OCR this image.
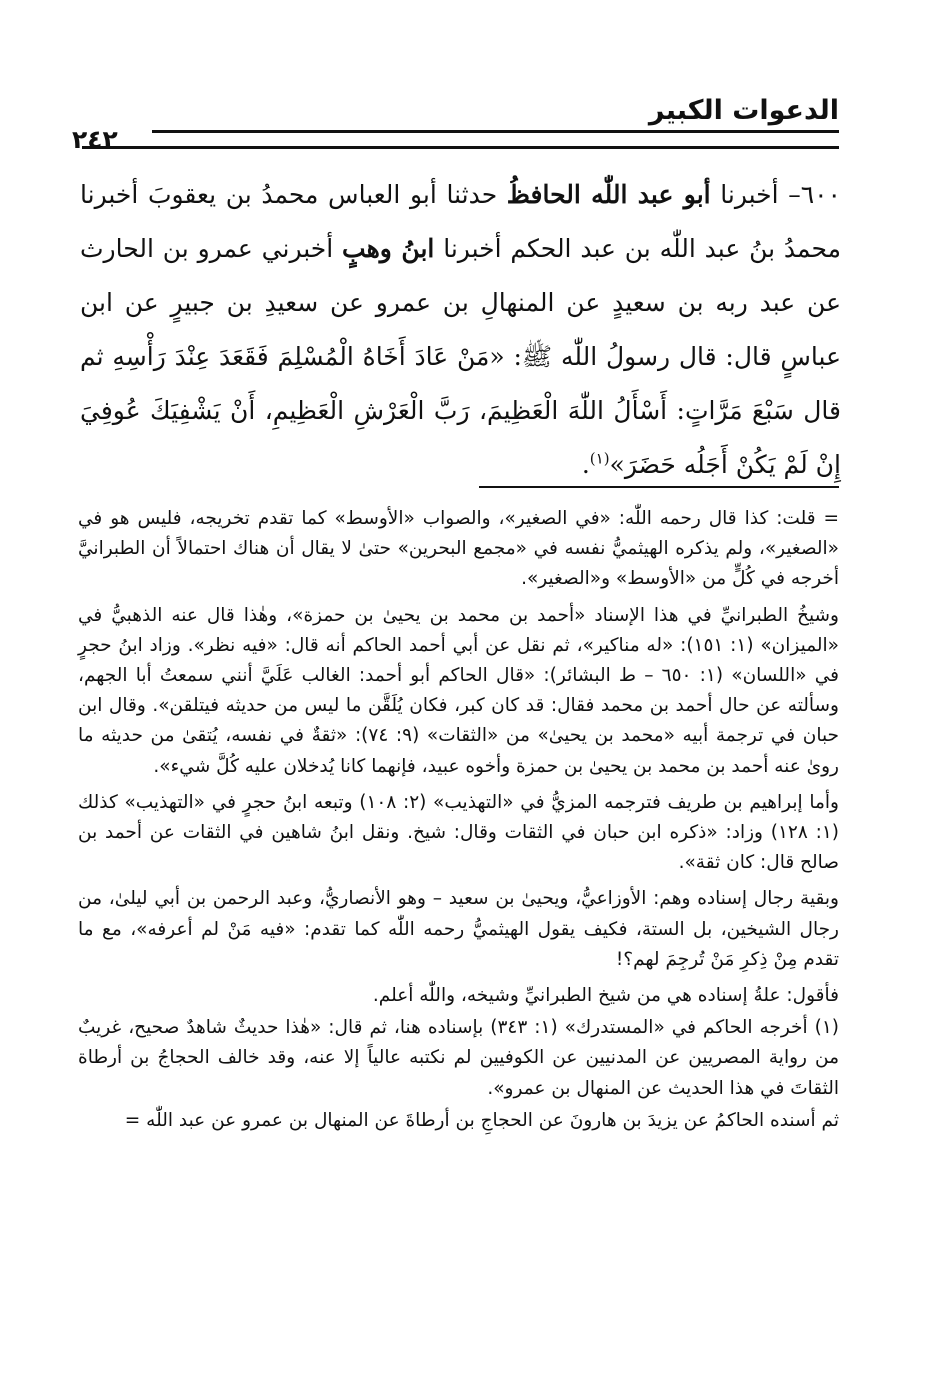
الدعوات الكبير
٢٤٢
٦٠٠– أخبرنا أبو عبد اللّٰه الحافظُ حدثنا أبو العباس محمدُ بن يعقوبَ أخبرنا محمدُ بنُ عبد اللّٰه بن عبد الحكم أخبرنا ابنُ وهبٍ أخبرني عمرو بن الحارث عن عبد ربه بن سعيدٍ عن المنهالِ بن عمرو عن سعيدِ بن جبيرٍ عن ابن عباسٍ قال: قال رسولُ اللّٰه ﷺ: «مَنْ عَادَ أَخَاهُ الْمُسْلِمَ فَقَعَدَ عِنْدَ رَأْسِهِ ثم قال سَبْعَ مَرَّاتٍ: أَسْأَلُ اللّٰهَ الْعَظِيمَ، رَبَّ الْعَرْشِ الْعَظِيمِ، أَنْ يَشْفِيَكَ عُوفِيَ إِنْ لَمْ يَكُنْ أَجَلُه حَضَرَ»$^{(١)}$.

= قلت: كذا قال رحمه اللّٰه: «في الصغير»، والصواب «الأوسط» كما تقدم تخريجه، فليس هو في «الصغير»، ولم يذكره الهيثميُّ نفسه في «مجمع البحرين» حتىٰ لا يقال أن هناك احتمالاً أن الطبرانيَّ أخرجه في كُلٍّ من «الأوسط» و«الصغير».

وشيخُ الطبرانيِّ في هذا الإسناد «أحمد بن محمد بن يحيىٰ بن حمزة»، وهٰذا قال عنه الذهبيُّ في «الميزان» (١: ١٥١): «له مناكير»، ثم نقل عن أبي أحمد الحاكم أنه قال: «فيه نظر». وزاد ابنُ حجرٍ في «اللسان» (١: ٦٥٠ – ط البشائر): «قال الحاكم أبو أحمد: الغالب عَلَيَّ أنني سمعتُ أبا الجهم، وسألته عن حال أحمد بن محمد فقال: قد كان كبر، فكان يُلَقَّن ما ليس من حديثه فيتلقن». وقال ابن حبان في ترجمة أبيه «محمد بن يحيىٰ» من «الثقات» (٩: ٧٤): «ثقةٌ في نفسه، يُتقىٰ من حديثه ما روىٰ عنه أحمد بن محمد بن يحيىٰ بن حمزة وأخوه عبيد، فإنهما كانا يُدخلان عليه كُلَّ شيء».

وأما إبراهيم بن طريف فترجمه المزيُّ في «التهذيب» (٢: ١٠٨) وتبعه ابنُ حجرٍ في «التهذيب» كذلك (١: ١٢٨) وزاد: «ذكره ابن حبان في الثقات وقال: شيخ. ونقل ابنُ شاهين في الثقات عن أحمد بن صالح قال: كان ثقة».

وبقية رجال إسناده وهم: الأوزاعيُّ، ويحيىٰ بن سعيد – وهو الأنصاريُّ، وعبد الرحمن بن أبي ليلىٰ، من رجال الشيخين، بل الستة، فكيف يقول الهيثميُّ رحمه اللّٰه كما تقدم: «فيه مَنْ لم أعرفه»، مع ما تقدم مِنْ ذِكرِ مَنْ تُرجِمَ لهم؟!

فأقول: علةُ إسناده هي من شيخ الطبرانيِّ وشيخه، واللّٰه أعلم.

(١) أخرجه الحاكم في «المستدرك» (١: ٣٤٣) بإسناده هنا، ثم قال: «هٰذا حديثٌ شاهدٌ صحيح، غريبٌ من رواية المصريين عن المدنيين عن الكوفيين لم نكتبه عالياً إلا عنه، وقد خالف الحجاجُ بن أرطاة الثقاتَ في هذا الحديث عن المنهال بن عمرو».

ثم أسنده الحاكمُ عن يزيدَ بن هارونَ عن الحجاجِ بن أرطاةَ عن المنهال بن عمرو عن عبد اللّٰه =
